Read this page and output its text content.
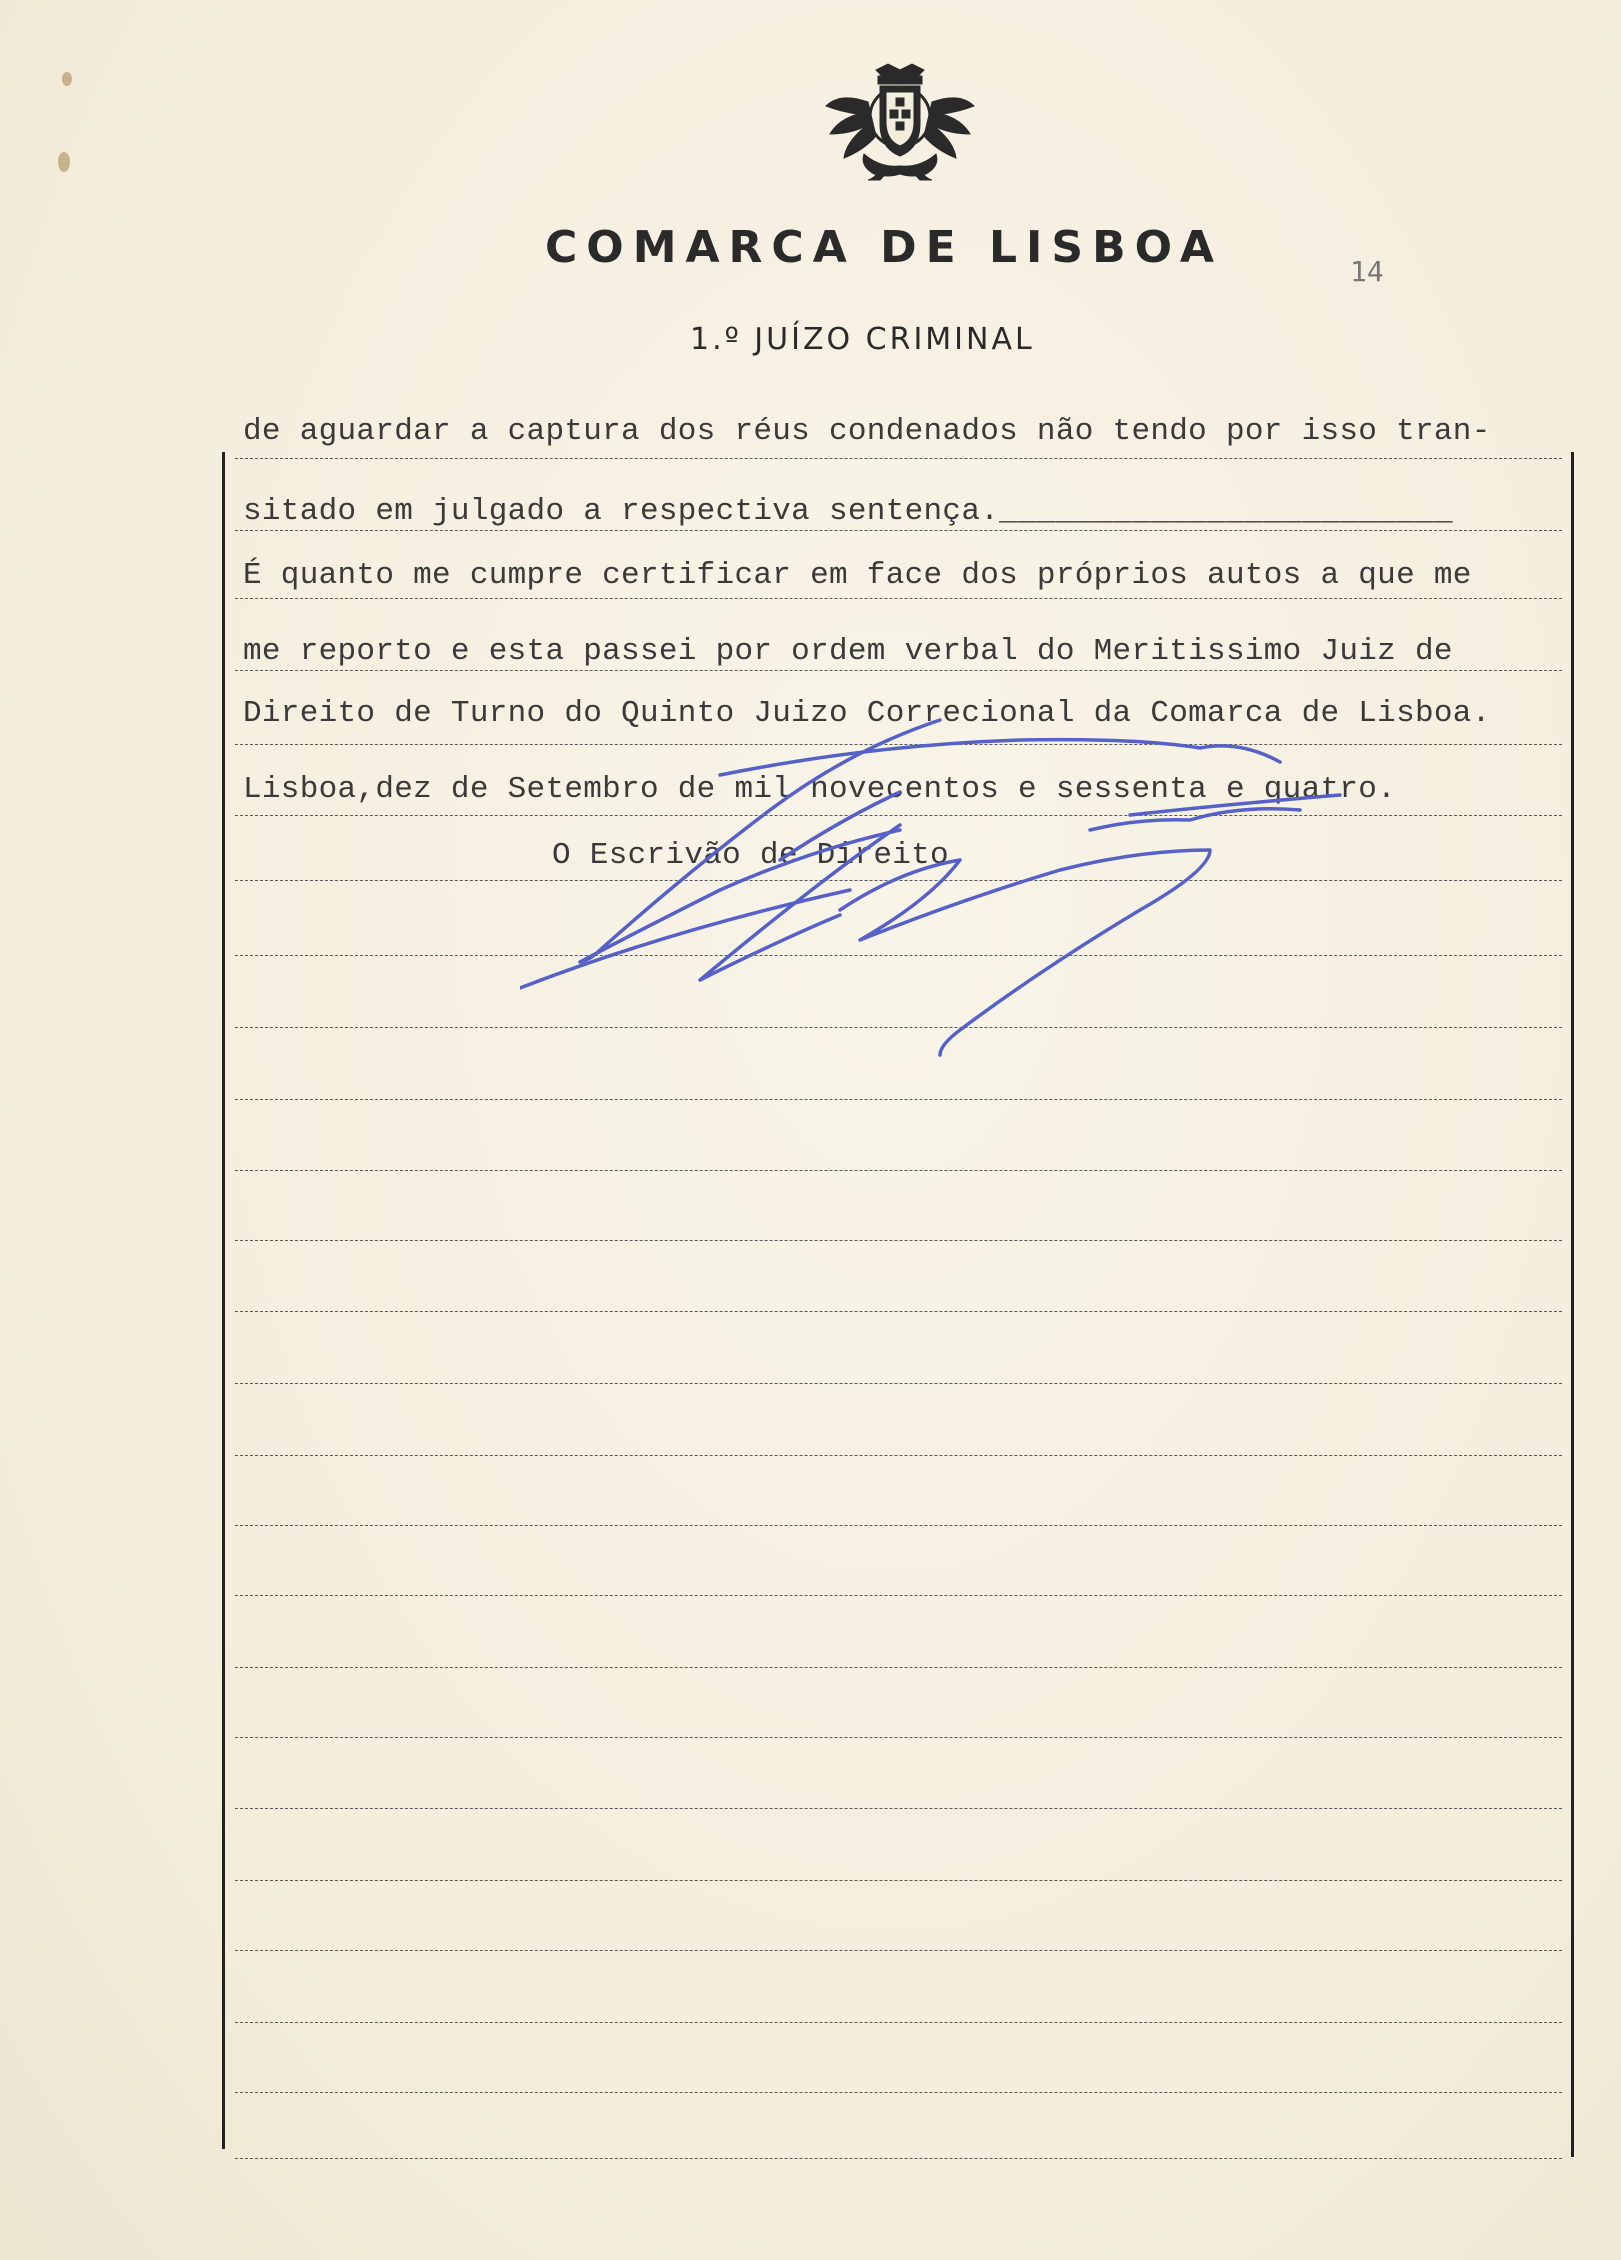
COMARCA DE LISBOA
1.º JUÍZO CRIMINAL
14
de aguardar a captura dos réus condenados não tendo por isso tran-
sitado em julgado a respectiva sentença.________________________
É quanto me cumpre certificar em face dos próprios autos a que me
me reporto e esta passei por ordem verbal do Meritissimo Juiz de
Direito de Turno do Quinto Juizo Correcional da Comarca de Lisboa.
Lisboa,dez de Setembro de mil novecentos e sessenta e quatro.
O Escrivão de Direito
